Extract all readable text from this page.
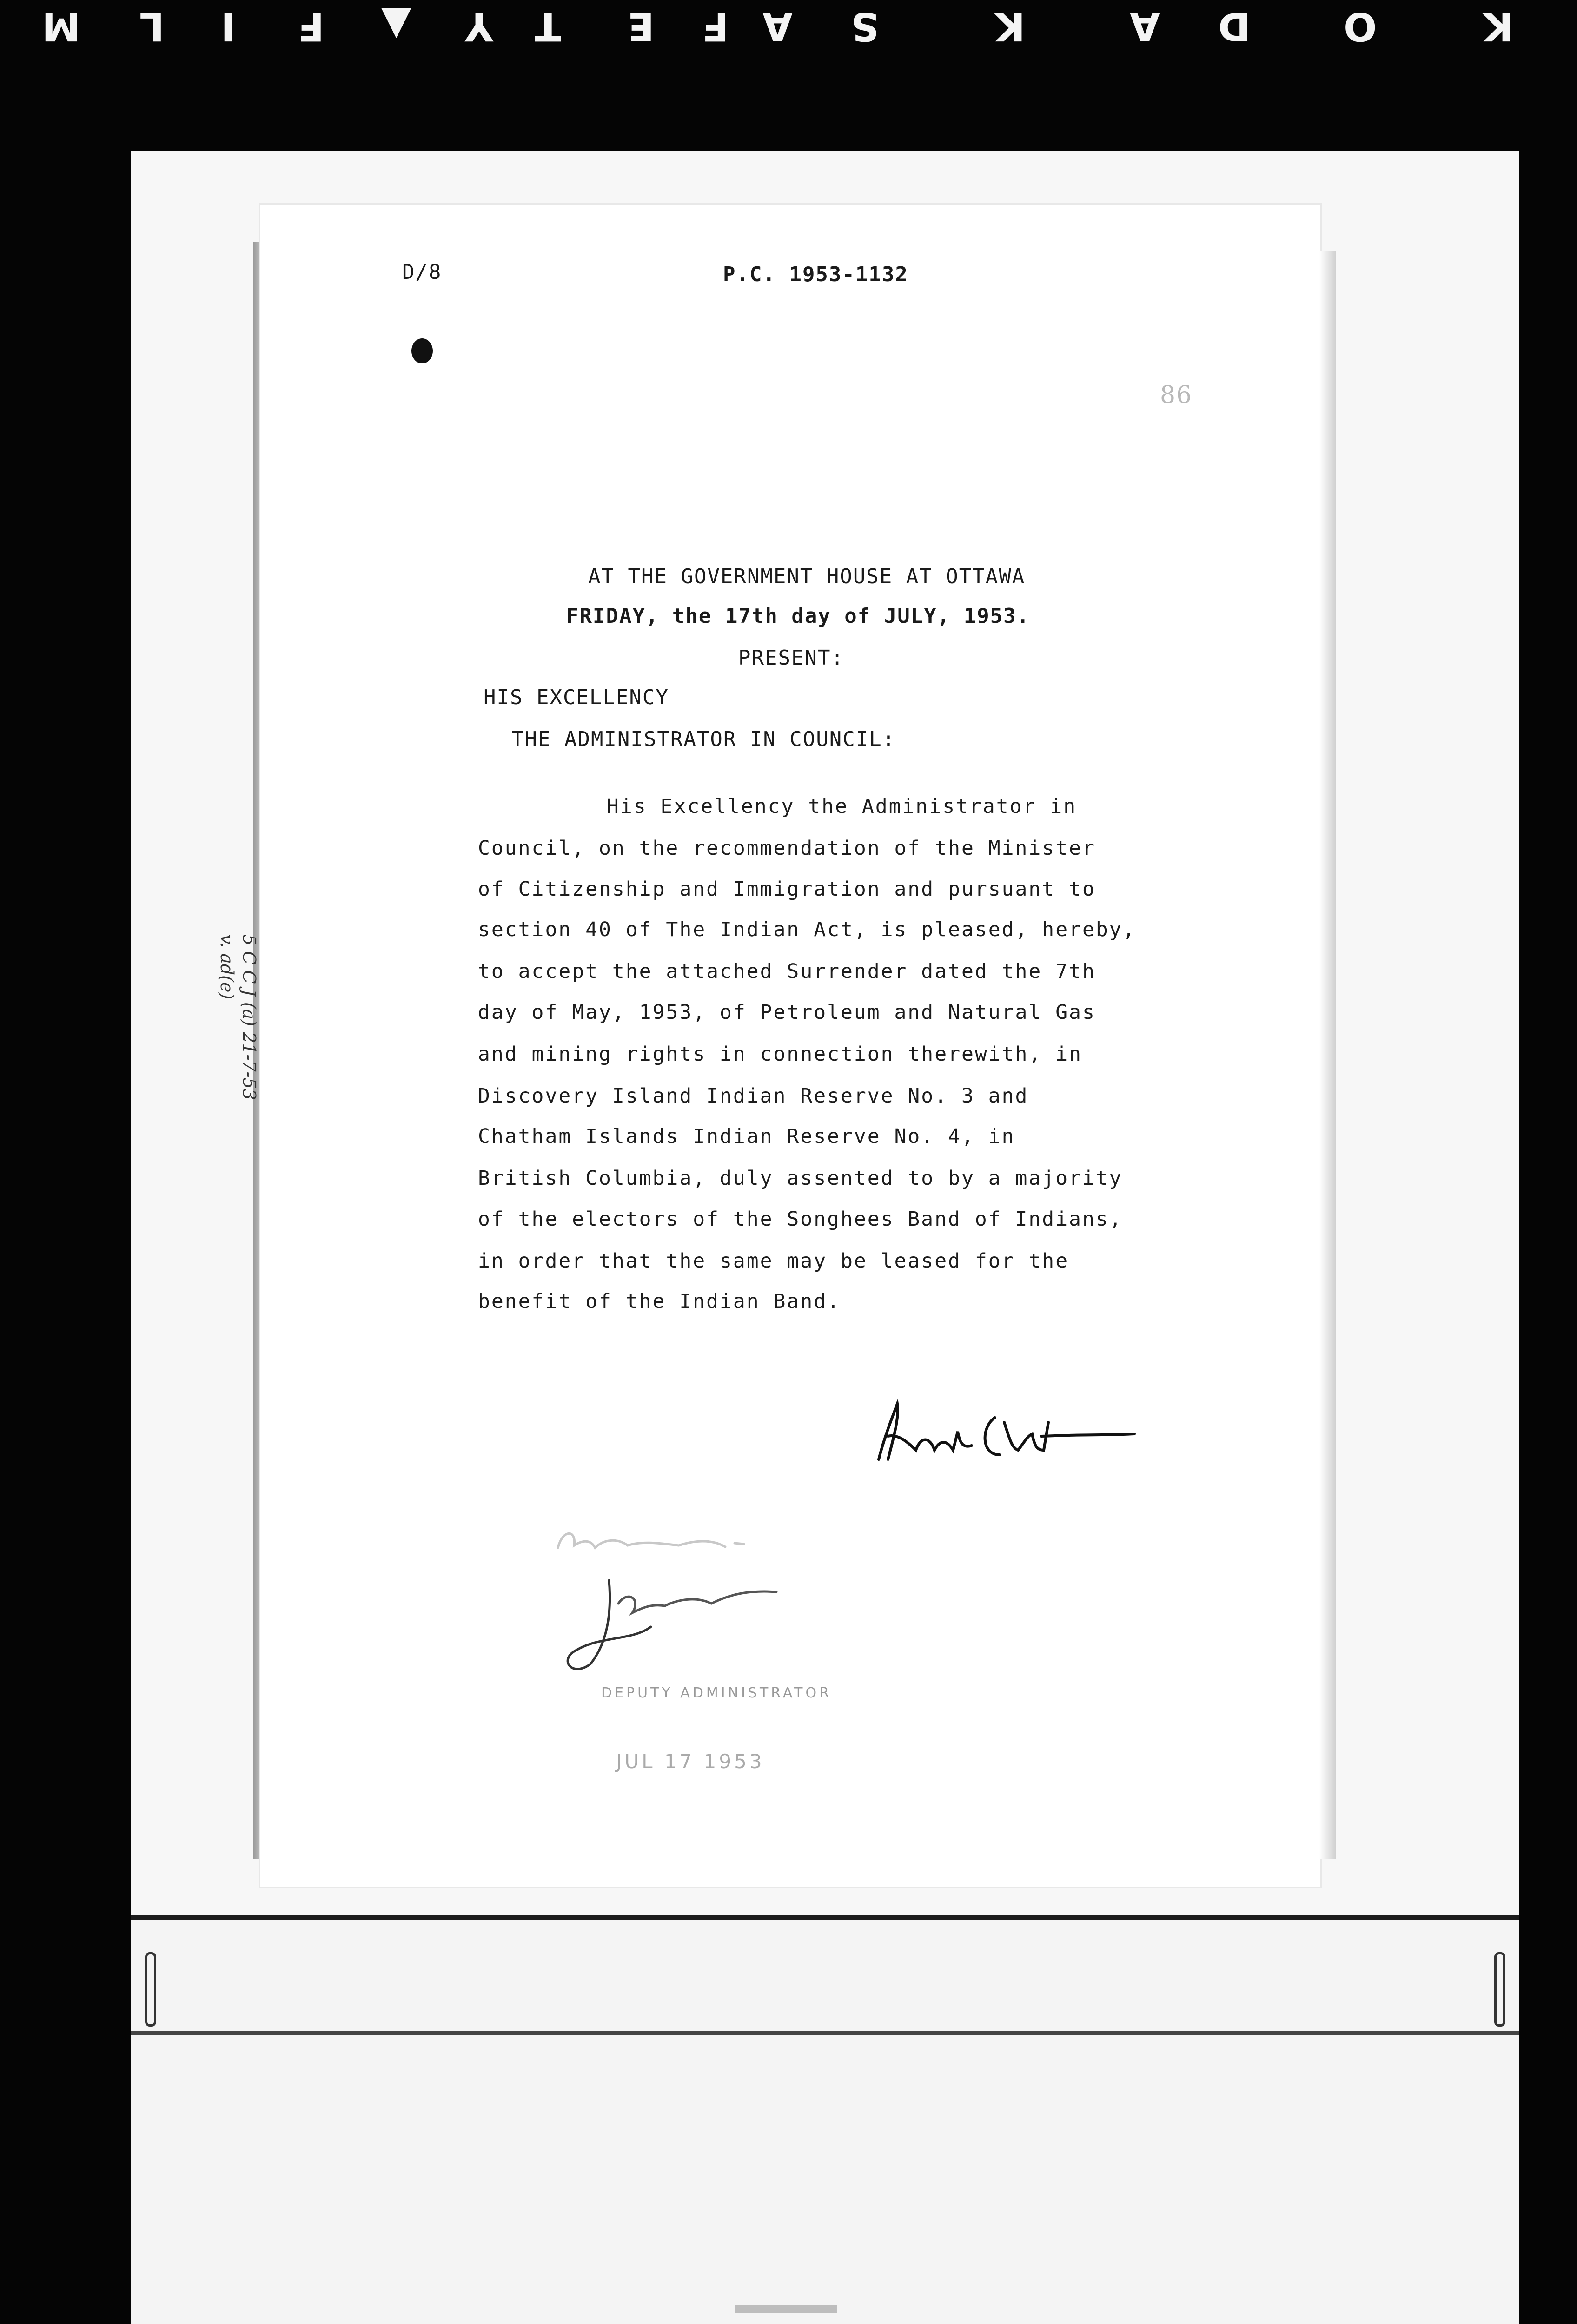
M L I F ▲ Y T E F A S	K	A D O	K
D/8	P.C. 1953-1132
86
AT THE GOVERNMENT HOUSE AT OTTAWA
FRIDAY, the 17th day of JULY, 1953.
PRESENT:
HIS EXCELLENCY
THE ADMINISTRATOR IN COUNCIL:
His Excellency the Administrator in
Council, on the recommendation of the Minister
of Citizenship and Immigration and pursuant to
section 40 of The Indian Act, is pleased, hereby,
to accept the attached Surrender dated the 7th
day of May, 1953, of Petroleum and Natural Gas
and mining rights in connection therewith, in
Discovery Island Indian Reserve No. 3 and
Chatham Islands Indian Reserve No. 4, in
British Columbia, duly assented to by a majority
of the electors of the Songhees Band of Indians,
in order that the same may be leased for the
benefit of the Indian Band.
5 C C J (a) 21-7-53
v. ad(e)
DEPUTY ADMINISTRATOR
JUL 17 1953
